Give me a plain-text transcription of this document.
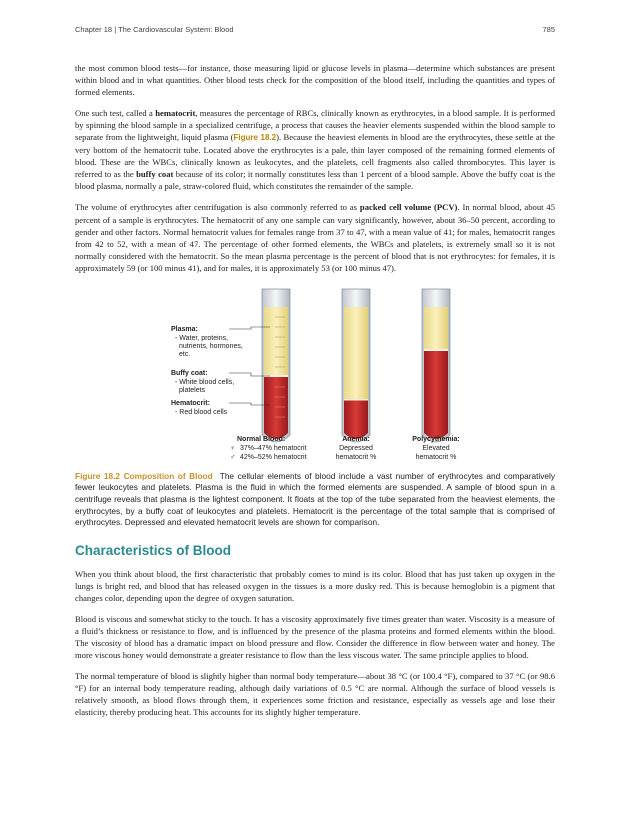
Chapter 18 | The Cardiovascular System: Blood	785

the most common blood tests—for instance, those measuring lipid or glucose levels in plasma—determine which substances are present within blood and in what quantities. Other blood tests check for the composition of the blood itself, including the quantities and types of formed elements.

One such test, called a hematocrit, measures the percentage of RBCs, clinically known as erythrocytes, in a blood sample. It is performed by spinning the blood sample in a specialized centrifuge, a process that causes the heavier elements suspended within the blood sample to separate from the lightweight, liquid plasma (Figure 18.2). Because the heaviest elements in blood are the erythrocytes, these settle at the very bottom of the hematocrit tube. Located above the erythrocytes is a pale, thin layer composed of the remaining formed elements of blood. These are the WBCs, clinically known as leukocytes, and the platelets, cell fragments also called thrombocytes. This layer is referred to as the buffy coat because of its color; it normally constitutes less than 1 percent of a blood sample. Above the buffy coat is the blood plasma, normally a pale, straw-colored fluid, which constitutes the remainder of the sample.

The volume of erythrocytes after centrifugation is also commonly referred to as packed cell volume (PCV). In normal blood, about 45 percent of a sample is erythrocytes. The hematocrit of any one sample can vary significantly, however, about 36–50 percent, according to gender and other factors. Normal hematocrit values for females range from 37 to 47, with a mean value of 41; for males, hematocrit ranges from 42 to 52, with a mean of 47. The percentage of other formed elements, the WBCs and platelets, is extremely small so it is not normally considered with the hematocrit. So the mean plasma percentage is the percent of blood that is not erythrocytes: for females, it is approximately 59 (or 100 minus 41), and for males, it is approximately 53 (or 100 minus 47).

Plasma:
- Water, proteins,
nutrients, hormones,
etc.
Buffy coat:
- White blood cells,
platelets
Hematocrit:
- Red blood cells
Normal Blood:
♀ 37%–47% hematocrit
♂ 42%–52% hematocrit
Anemia:
Depressed
hematocrit %
Polycythemia:
Elevated
hematocrit %

Figure 18.2 Composition of Blood The cellular elements of blood include a vast number of erythrocytes and comparatively fewer leukocytes and platelets. Plasma is the fluid in which the formed elements are suspended. A sample of blood spun in a centrifuge reveals that plasma is the lightest component. It floats at the top of the tube separated from the heaviest elements, the erythrocytes, by a buffy coat of leukocytes and platelets. Hematocrit is the percentage of the total sample that is comprised of erythrocytes. Depressed and elevated hematocrit levels are shown for comparison.

Characteristics of Blood

When you think about blood, the first characteristic that probably comes to mind is its color. Blood that has just taken up oxygen in the lungs is bright red, and blood that has released oxygen in the tissues is a more dusky red. This is because hemoglobin is a pigment that changes color, depending upon the degree of oxygen saturation.

Blood is viscous and somewhat sticky to the touch. It has a viscosity approximately five times greater than water. Viscosity is a measure of a fluid’s thickness or resistance to flow, and is influenced by the presence of the plasma proteins and formed elements within the blood. The viscosity of blood has a dramatic impact on blood pressure and flow. Consider the difference in flow between water and honey. The more viscous honey would demonstrate a greater resistance to flow than the less viscous water. The same principle applies to blood.

The normal temperature of blood is slightly higher than normal body temperature—about 38 °C (or 100.4 °F), compared to 37 °C (or 98.6 °F) for an internal body temperature reading, although daily variations of 0.5 °C are normal. Although the surface of blood vessels is relatively smooth, as blood flows through them, it experiences some friction and resistance, especially as vessels age and lose their elasticity, thereby producing heat. This accounts for its slightly higher temperature.
